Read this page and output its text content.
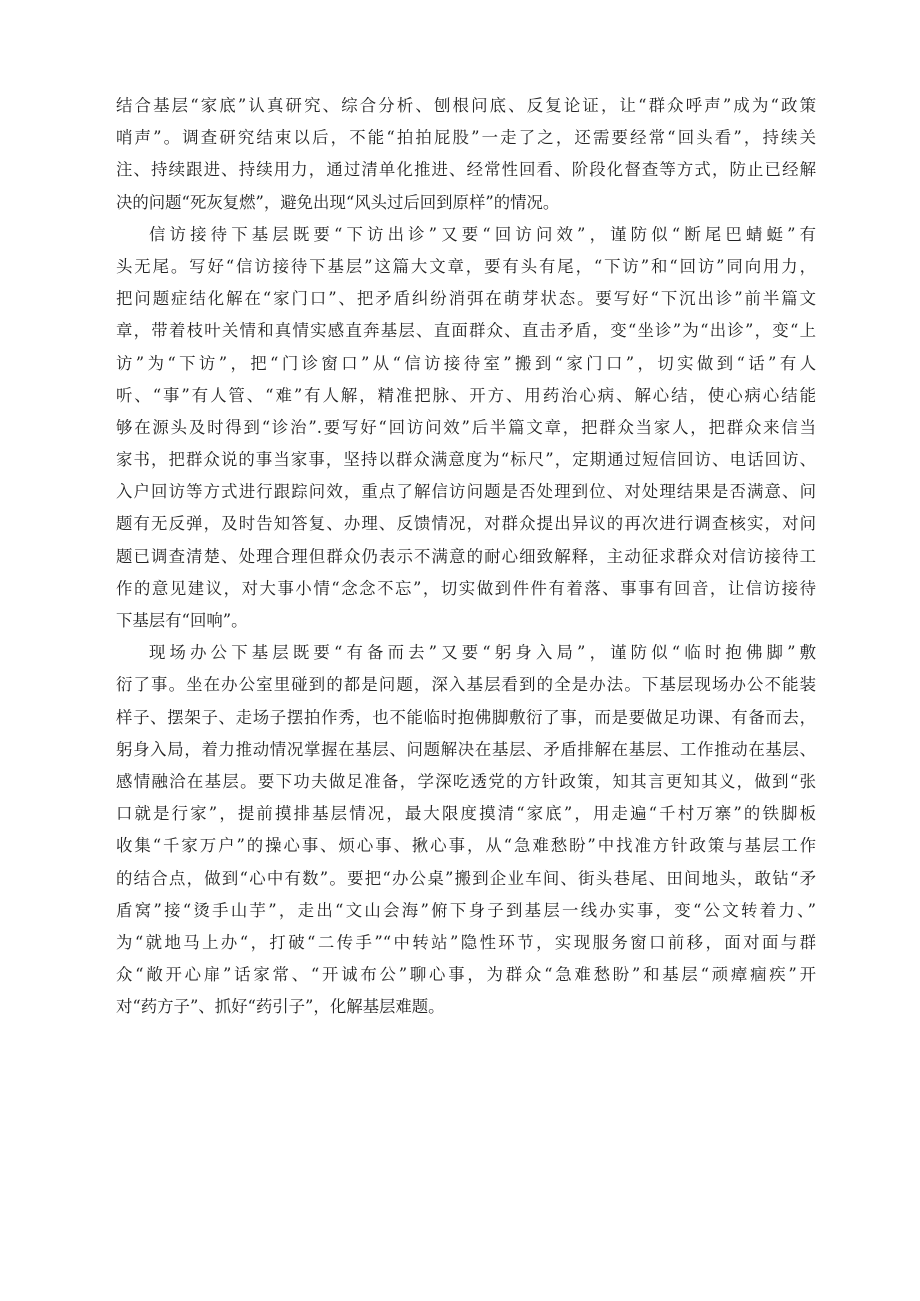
结合基层“家底”认真研究、综合分析、刨根问底、反复论证，让“群众呼声”成为“政策
哨声”。调查研究结束以后，不能“拍拍屁股”一走了之，还需要经常“回头看”，持续关
注、持续跟进、持续用力，通过清单化推进、经常性回看、阶段化督查等方式，防止已经解
决的问题“死灰复燃”，避免出现“风头过后回到原样”的情况。
信访接待下基层既要“下访出诊”又要“回访问效”，谨防似“断尾巴蜻蜓”有
头无尾。写好“信访接待下基层”这篇大文章，要有头有尾，“下访”和“回访”同向用力，
把问题症结化解在“家门口”、把矛盾纠纷消弭在萌芽状态。要写好“下沉出诊”前半篇文
章，带着枝叶关情和真情实感直奔基层、直面群众、直击矛盾，变“坐诊”为“出诊”，变“上
访”为“下访”，把“门诊窗口”从“信访接待室”搬到“家门口”，切实做到“话”有人
听、“事”有人管、“难”有人解，精准把脉、开方、用药治心病、解心结，使心病心结能
够在源头及时得到“诊治”.要写好“回访问效”后半篇文章，把群众当家人，把群众来信当
家书，把群众说的事当家事，坚持以群众满意度为“标尺”，定期通过短信回访、电话回访、
入户回访等方式进行跟踪问效，重点了解信访问题是否处理到位、对处理结果是否满意、问
题有无反弹，及时告知答复、办理、反馈情况，对群众提出异议的再次进行调查核实，对问
题已调查清楚、处理合理但群众仍表示不满意的耐心细致解释，主动征求群众对信访接待工
作的意见建议，对大事小情“念念不忘”，切实做到件件有着落、事事有回音，让信访接待
下基层有“回响”。
现场办公下基层既要“有备而去”又要“躬身入局”，谨防似“临时抱佛脚”敷
衍了事。坐在办公室里碰到的都是问题，深入基层看到的全是办法。下基层现场办公不能装
样子、摆架子、走场子摆拍作秀，也不能临时抱佛脚敷衍了事，而是要做足功课、有备而去，
躬身入局，着力推动情况掌握在基层、问题解决在基层、矛盾排解在基层、工作推动在基层、
感情融洽在基层。要下功夫做足准备，学深吃透党的方针政策，知其言更知其义，做到“张
口就是行家”，提前摸排基层情况，最大限度摸清“家底”，用走遍“千村万寨”的铁脚板
收集“千家万户”的操心事、烦心事、揪心事，从“急难愁盼”中找准方针政策与基层工作
的结合点，做到“心中有数”。要把“办公桌”搬到企业车间、街头巷尾、田间地头，敢钻“矛
盾窝”接“烫手山芋”，走出“文山会海”俯下身子到基层一线办实事，变“公文转着力、”
为“就地马上办“，打破“二传手”“中转站”隐性环节，实现服务窗口前移，面对面与群
众“敞开心扉”话家常、“开诚布公”聊心事，为群众“急难愁盼”和基层“顽瘴痼疾”开
对“药方子”、抓好“药引子”，化解基层难题。
